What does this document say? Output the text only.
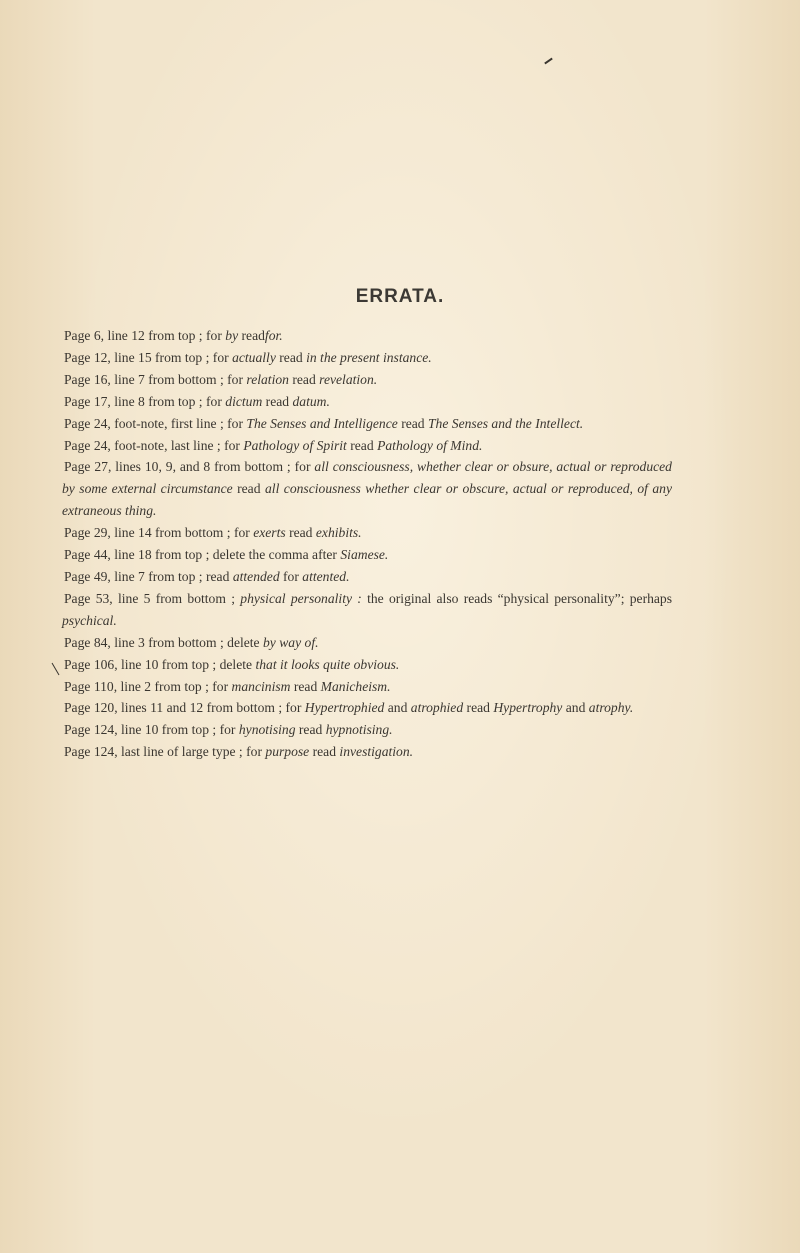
ERRATA.

Page 6, line 12 from top ; for by readfor.

Page 12, line 15 from top ; for actually read in the present instance.

Page 16, line 7 from bottom ; for relation read revelation.

Page 17, line 8 from top ; for dictum read datum.

Page 24, foot-note, first line ; for The Senses and Intelligence read The Senses and the Intellect.

Page 24, foot-note, last line ; for Pathology of Spirit read Pathology of Mind.

Page 27, lines 10, 9, and 8 from bottom ; for all consciousness, whether clear or obsure, actual or reproduced by some external circumstance read all consciousness whether clear or obscure, actual or reproduced, of any extraneous thing.

Page 29, line 14 from bottom ; for exerts read exhibits.

Page 44, line 18 from top ; delete the comma after Siamese.

Page 49, line 7 from top ; read attended for attented.

Page 53, line 5 from bottom ; physical personality : the original also reads “physical personality”; perhaps psychical.

Page 84, line 3 from bottom ; delete by way of.

Page 106, line 10 from top ; delete that it looks quite obvious.

Page 110, line 2 from top ; for mancinism read Manicheism.

Page 120, lines 11 and 12 from bottom ; for Hypertrophied and atrophied read Hypertrophy and atrophy.

Page 124, line 10 from top ; for hynotising read hypnotising.

Page 124, last line of large type ; for purpose read investigation.
